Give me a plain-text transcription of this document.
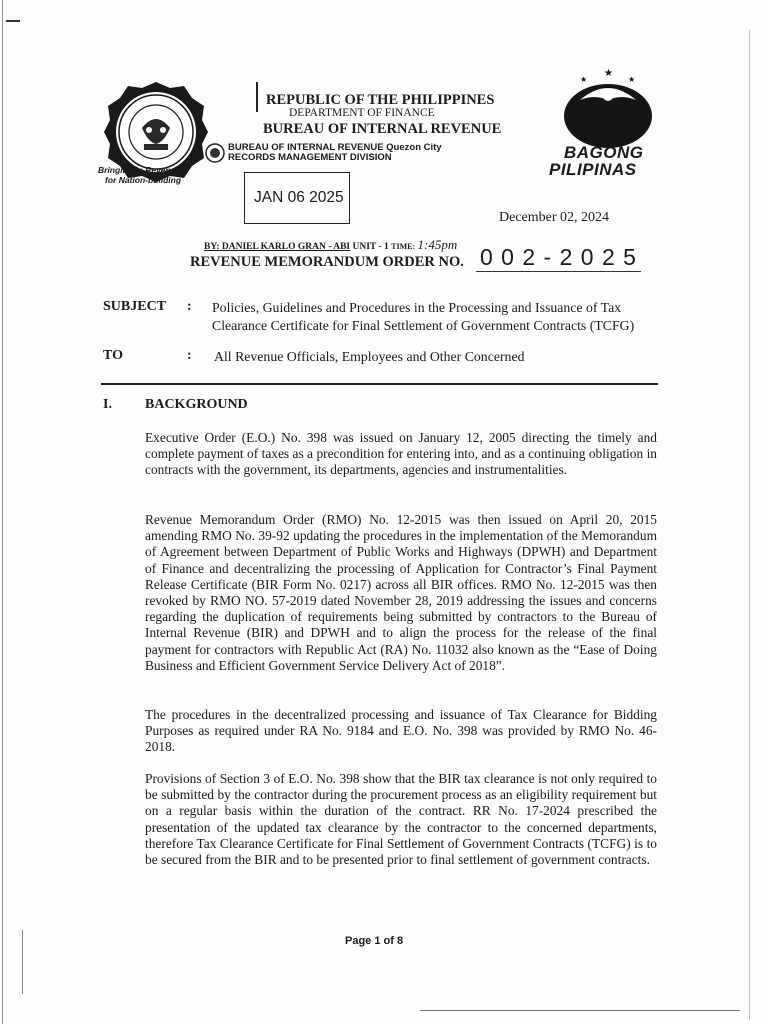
Bringing in Revenues
for Nation-building
REPUBLIC OF THE PHILIPPINES
DEPARTMENT OF FINANCE
BUREAU OF INTERNAL REVENUE
★
★	★
BAGONG
PILIPINAS
BUREAU OF INTERNAL REVENUE Quezon City
RECORDS MANAGEMENT DIVISION
JAN 06 2025
BY: DANIEL KARLO GRAN - ABI UNIT - 1 TIME: 1:45pm
December 02, 2024
REVENUE MEMORANDUM ORDER NO. 0 0 2 - 2 0 2 5
SUBJECT : Policies, Guidelines and Procedures in the Processing and Issuance of Tax Clearance Certificate for Final Settlement of Government Contracts (TCFG)
TO	: All Revenue Officials, Employees and Other Concerned
I. BACKGROUND

Executive Order (E.O.) No. 398 was issued on January 12, 2005 directing the timely and complete payment of taxes as a precondition for entering into, and as a continuing obligation in contracts with the government, its departments, agencies and instrumentalities.

Revenue Memorandum Order (RMO) No. 12-2015 was then issued on April 20, 2015 amending RMO No. 39-92 updating the procedures in the implementation of the Memorandum of Agreement between Department of Public Works and Highways (DPWH) and Department of Finance and decentralizing the processing of Application for Contractor’s Final Payment Release Certificate (BIR Form No. 0217) across all BIR offices. RMO No. 12-2015 was then revoked by RMO NO. 57-2019 dated November 28, 2019 addressing the issues and concerns regarding the duplication of requirements being submitted by contractors to the Bureau of Internal Revenue (BIR) and DPWH and to align the process for the release of the final payment for contractors with Republic Act (RA) No. 11032 also known as the “Ease of Doing Business and Efficient Government Service Delivery Act of 2018”.

The procedures in the decentralized processing and issuance of Tax Clearance for Bidding Purposes as required under RA No. 9184 and E.O. No. 398 was provided by RMO No. 46-2018.

Provisions of Section 3 of E.O. No. 398 show that the BIR tax clearance is not only required to be submitted by the contractor during the procurement process as an eligibility requirement but on a regular basis within the duration of the contract. RR No. 17-2024 prescribed the presentation of the updated tax clearance by the contractor to the concerned departments, therefore Tax Clearance Certificate for Final Settlement of Government Contracts (TCFG) is to be secured from the BIR and to be presented prior to final settlement of government contracts.

Page 1 of 8
